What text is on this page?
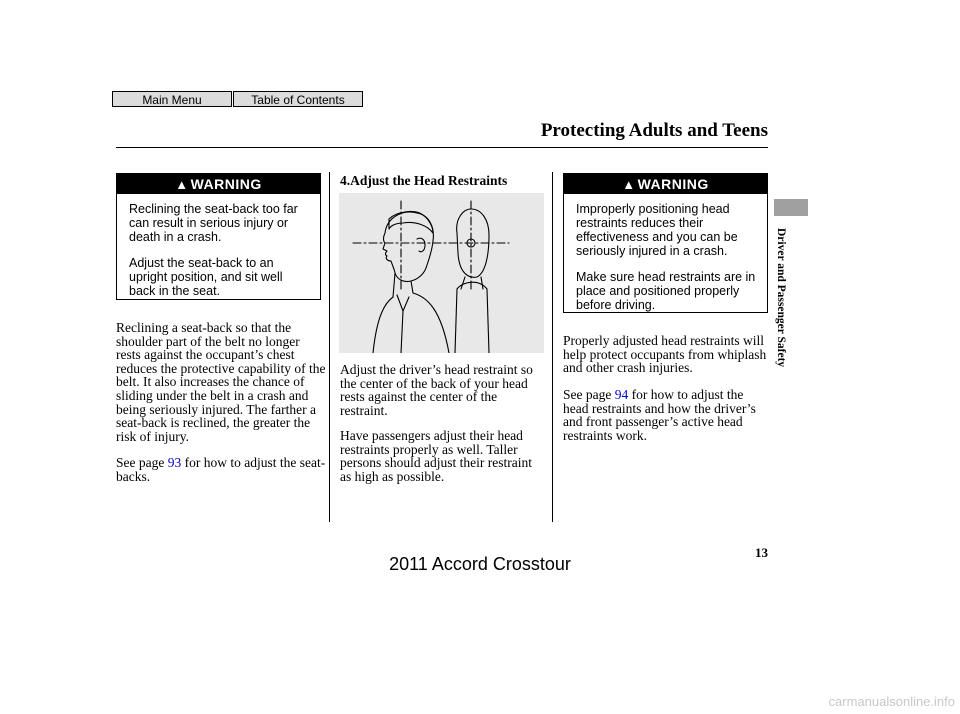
Main Menu	Table of Contents
Protecting Adults and Teens
▲ WARNING

Reclining the seat-back too far can result in serious injury or death in a crash.

Adjust the seat-back to an upright position, and sit well back in the seat.

Reclining a seat-back so that the shoulder part of the belt no longer rests against the occupant’s chest reduces the protective capability of the belt. It also increases the chance of sliding under the belt in a crash and being seriously injured. The farther a seat-back is reclined, the greater the risk of injury.

See page 93 for how to adjust the seat-backs.

4.Adjust the Head Restraints

Adjust the driver’s head restraint so the center of the back of your head rests against the center of the restraint.

Have passengers adjust their head restraints properly as well. Taller persons should adjust their restraint as high as possible.

▲ WARNING

Improperly positioning head restraints reduces their effectiveness and you can be seriously injured in a crash.

Make sure head restraints are in place and positioned properly before driving.

Properly adjusted head restraints will help protect occupants from whiplash and other crash injuries.

See page 94 for how to adjust the head restraints and how the driver’s and front passenger’s active head restraints work.

Driver and Passenger Safety
13
2011 Accord Crosstour
carmanualsonline.info
